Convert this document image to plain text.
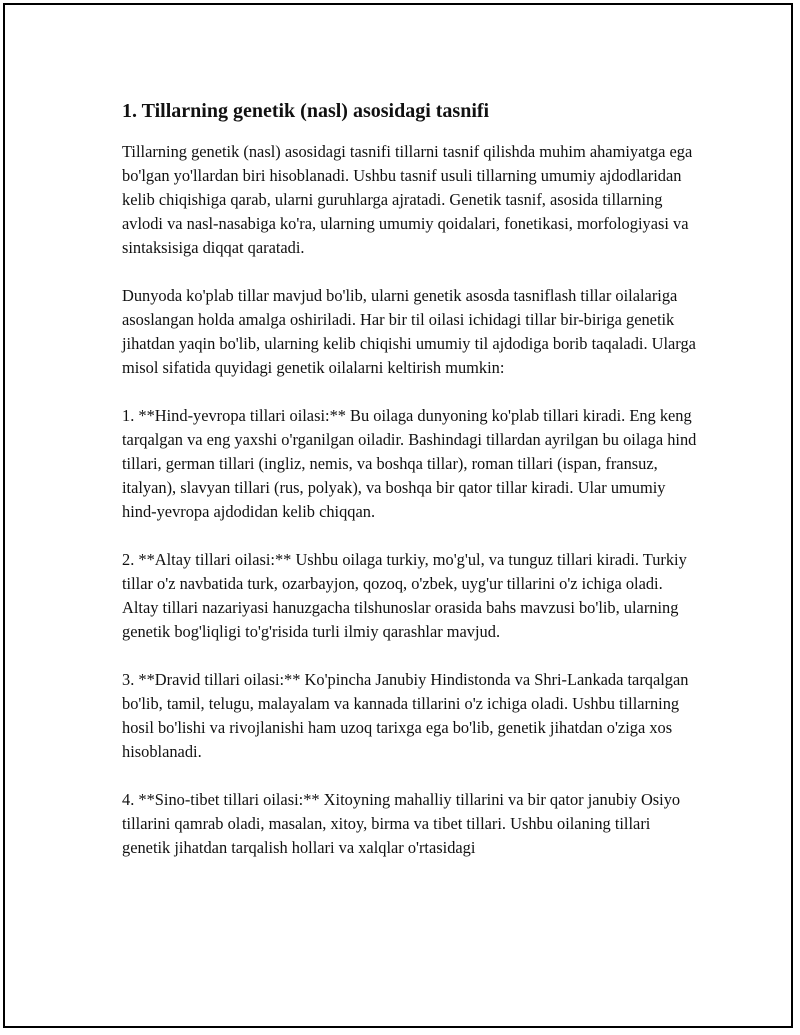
1. Tillarning genetik (nasl) asosidagi tasnifi

Tillarning genetik (nasl) asosidagi tasnifi tillarni tasnif qilishda muhim ahamiyatga ega bo'lgan yo'llardan biri hisoblanadi. Ushbu tasnif usuli tillarning umumiy ajdodlaridan kelib chiqishiga qarab, ularni guruhlarga ajratadi. Genetik tasnif, asosida tillarning avlodi va nasl-nasabiga ko'ra, ularning umumiy qoidalari, fonetikasi, morfologiyasi va sintaksisiga diqqat qaratadi.

Dunyoda ko'plab tillar mavjud bo'lib, ularni genetik asosda tasniflash tillar oilalariga asoslangan holda amalga oshiriladi. Har bir til oilasi ichidagi tillar bir-biriga genetik jihatdan yaqin bo'lib, ularning kelib chiqishi umumiy til ajdodiga borib taqaladi. Ularga misol sifatida quyidagi genetik oilalarni keltirish mumkin:

1. **Hind-yevropa tillari oilasi:** Bu oilaga dunyoning ko'plab tillari kiradi. Eng keng tarqalgan va eng yaxshi o'rganilgan oiladir. Bashindagi tillardan ayrilgan bu oilaga hind tillari, german tillari (ingliz, nemis, va boshqa tillar), roman tillari (ispan, fransuz, italyan), slavyan tillari (rus, polyak), va boshqa bir qator tillar kiradi. Ular umumiy hind-yevropa ajdodidan kelib chiqqan.

2. **Altay tillari oilasi:** Ushbu oilaga turkiy, mo'g'ul, va tunguz tillari kiradi. Turkiy tillar o'z navbatida turk, ozarbayjon, qozoq, o'zbek, uyg'ur tillarini o'z ichiga oladi. Altay tillari nazariyasi hanuzgacha tilshunoslar orasida bahs mavzusi bo'lib, ularning genetik bog'liqligi to'g'risida turli ilmiy qarashlar mavjud.

3. **Dravid tillari oilasi:** Ko'pincha Janubiy Hindistonda va Shri-Lankada tarqalgan bo'lib, tamil, telugu, malayalam va kannada tillarini o'z ichiga oladi. Ushbu tillarning hosil bo'lishi va rivojlanishi ham uzoq tarixga ega bo'lib, genetik jihatdan o'ziga xos hisoblanadi.

4. **Sino-tibet tillari oilasi:** Xitoyning mahalliy tillarini va bir qator janubiy Osiyo tillarini qamrab oladi, masalan, xitoy, birma va tibet tillari. Ushbu oilaning tillari genetik jihatdan tarqalish hollari va xalqlar o'rtasidagi
